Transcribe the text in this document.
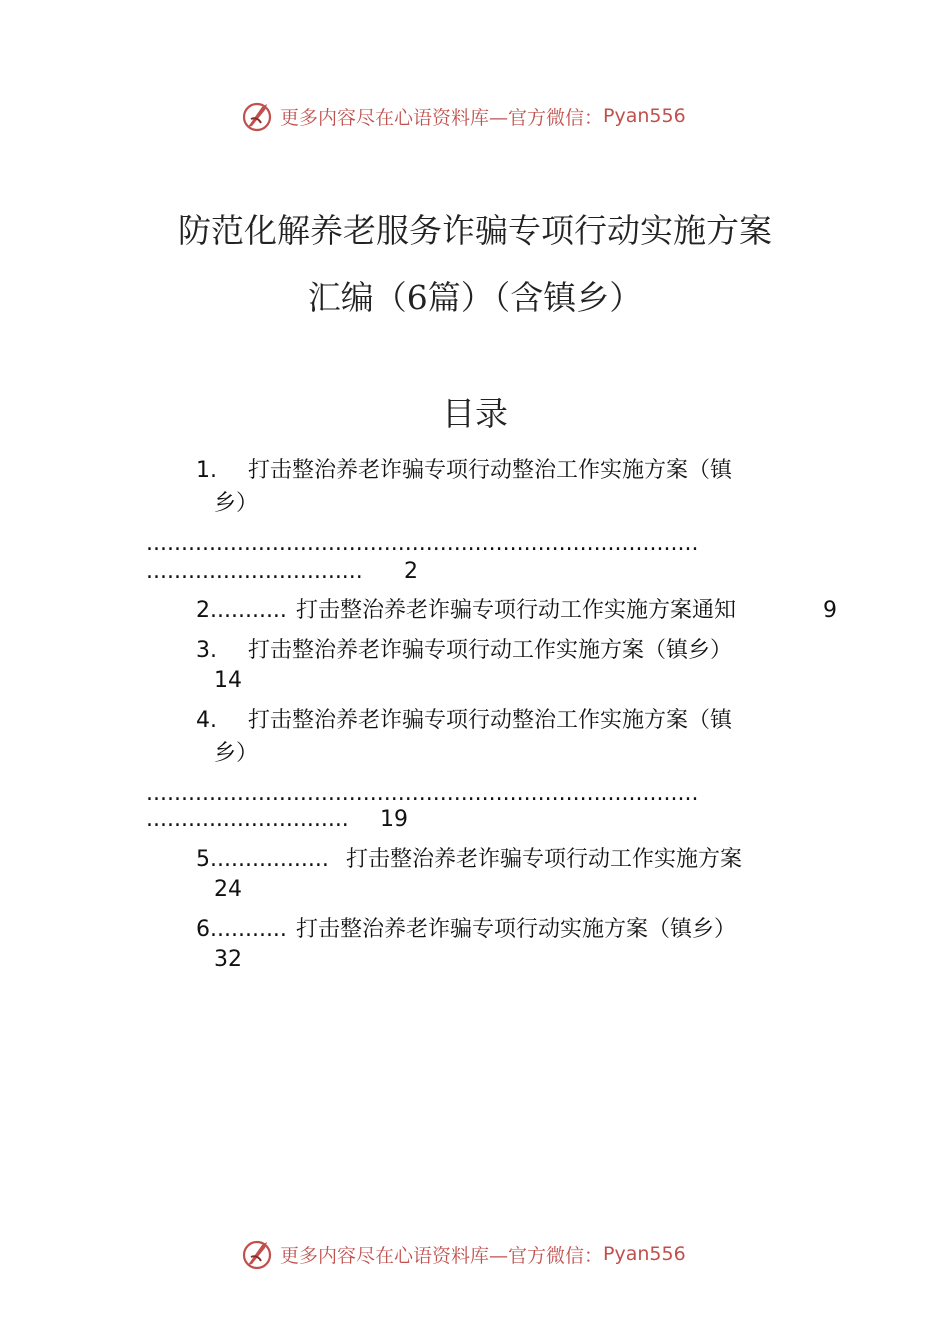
更多内容尽在心语资料库—官方微信： Pyan556
防范化解养老服务诈骗专项行动实施方案
汇编（6篇）（含镇乡）
目录
1. 打击整治养老诈骗专项行动整治工作实施方案（镇
乡）
...............................................................................
............................... 2
2........... 打击整治养老诈骗专项行动工作实施方案通知	9
3. 打击整治养老诈骗专项行动工作实施方案（镇乡）
14
4. 打击整治养老诈骗专项行动整治工作实施方案（镇
乡）
...............................................................................
............................. 19
5................. 打击整治养老诈骗专项行动工作实施方案
24
6........... 打击整治养老诈骗专项行动实施方案（镇乡）
32
更多内容尽在心语资料库—官方微信： Pyan556
